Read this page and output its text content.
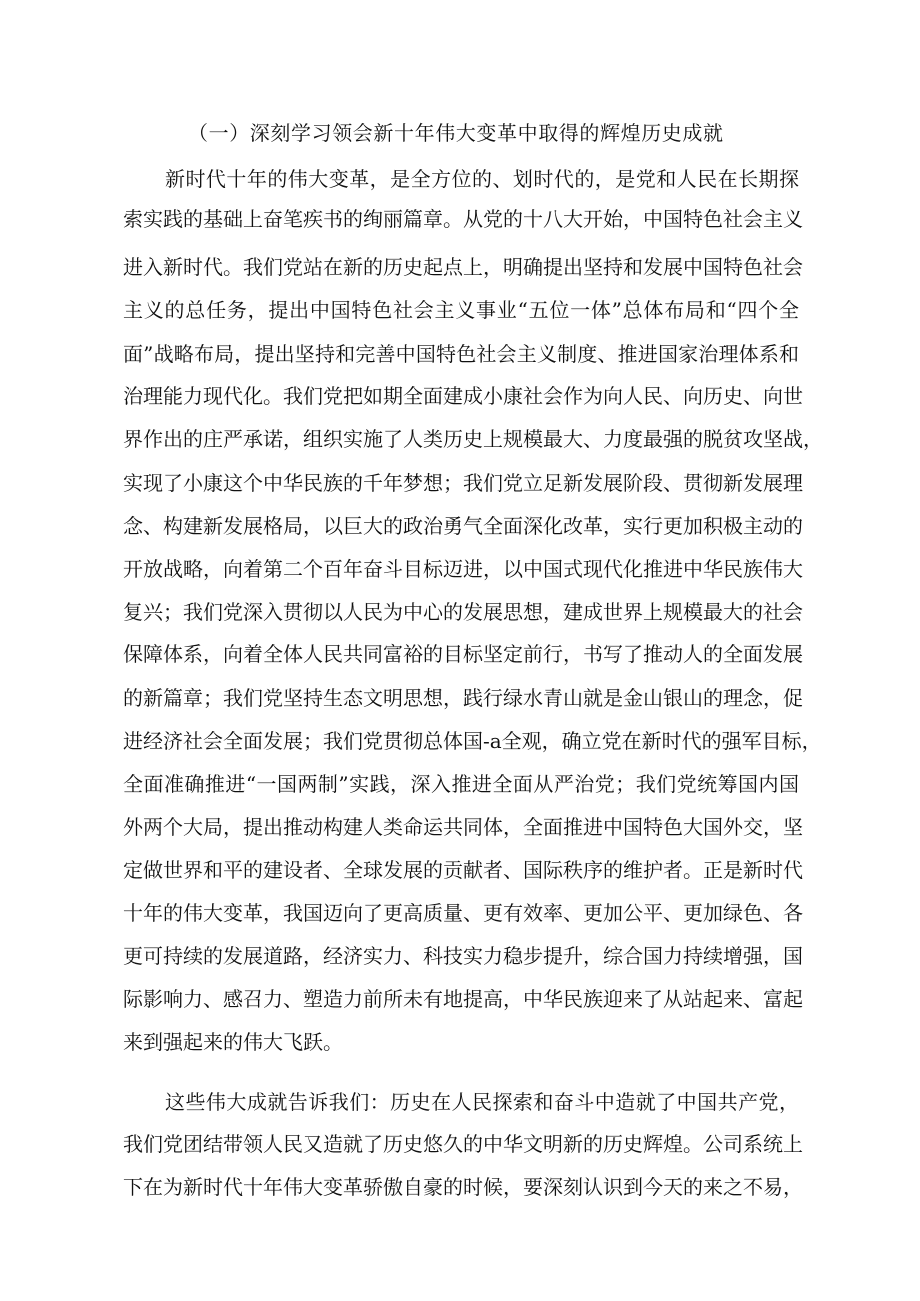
（一）深刻学习领会新十年伟大变革中取得的辉煌历史成就
新时代十年的伟大变革，是全方位的、划时代的，是党和人民在长期探
索实践的基础上奋笔疾书的绚丽篇章。从党的十八大开始，中国特色社会主义
进入新时代。我们党站在新的历史起点上，明确提出坚持和发展中国特色社会
主义的总任务，提出中国特色社会主义事业“五位一体”总体布局和“四个全
面”战略布局，提出坚持和完善中国特色社会主义制度、推进国家治理体系和
治理能力现代化。我们党把如期全面建成小康社会作为向人民、向历史、向世
界作出的庄严承诺，组织实施了人类历史上规模最大、力度最强的脱贫攻坚战，
实现了小康这个中华民族的千年梦想；我们党立足新发展阶段、贯彻新发展理
念、构建新发展格局，以巨大的政治勇气全面深化改革，实行更加积极主动的
开放战略，向着第二个百年奋斗目标迈进，以中国式现代化推进中华民族伟大
复兴；我们党深入贯彻以人民为中心的发展思想，建成世界上规模最大的社会
保障体系，向着全体人民共同富裕的目标坚定前行，书写了推动人的全面发展
的新篇章；我们党坚持生态文明思想，践行绿水青山就是金山银山的理念，促
进经济社会全面发展；我们党贯彻总体国-a全观，确立党在新时代的强军目标，
全面准确推进“一国两制”实践，深入推进全面从严治党；我们党统筹国内国
外两个大局，提出推动构建人类命运共同体，全面推进中国特色大国外交，坚
定做世界和平的建设者、全球发展的贡献者、国际秩序的维护者。正是新时代
十年的伟大变革，我国迈向了更高质量、更有效率、更加公平、更加绿色、各
更可持续的发展道路，经济实力、科技实力稳步提升，综合国力持续增强，国
际影响力、感召力、塑造力前所未有地提高，中华民族迎来了从站起来、富起
来到强起来的伟大飞跃。
这些伟大成就告诉我们：历史在人民探索和奋斗中造就了中国共产党，
我们党团结带领人民又造就了历史悠久的中华文明新的历史辉煌。公司系统上
下在为新时代十年伟大变革骄傲自豪的时候，要深刻认识到今天的来之不易，
